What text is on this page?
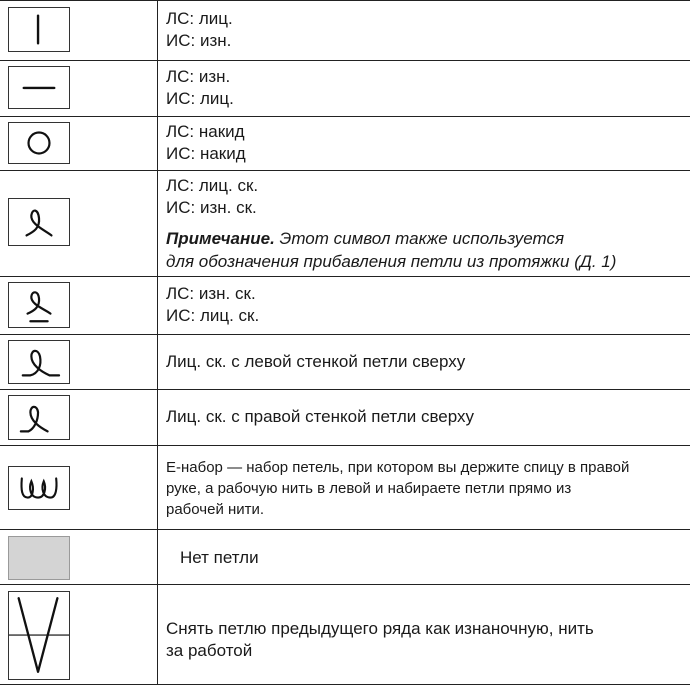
ЛС: лиц.
ИС: изн.
ЛС: изн.
ИС: лиц.
ЛС: накид
ИС: накид
ЛС: лиц. ск.
ИС: изн. ск.
Примечание. Этот символ также используется
для обозначения прибавления петли из протяжки (Д. 1)
ЛС: изн. ск.
ИС: лиц. ск.
Лиц. ск. с левой стенкой петли сверху
Лиц. ск. с правой стенкой петли сверху
Е-набор — набор петель, при котором вы держите спицу в правой
руке, а рабочую нить в левой и набираете петли прямо из
рабочей нити.
Нет петли
Снять петлю предыдущего ряда как изнаночную, нить
за работой
